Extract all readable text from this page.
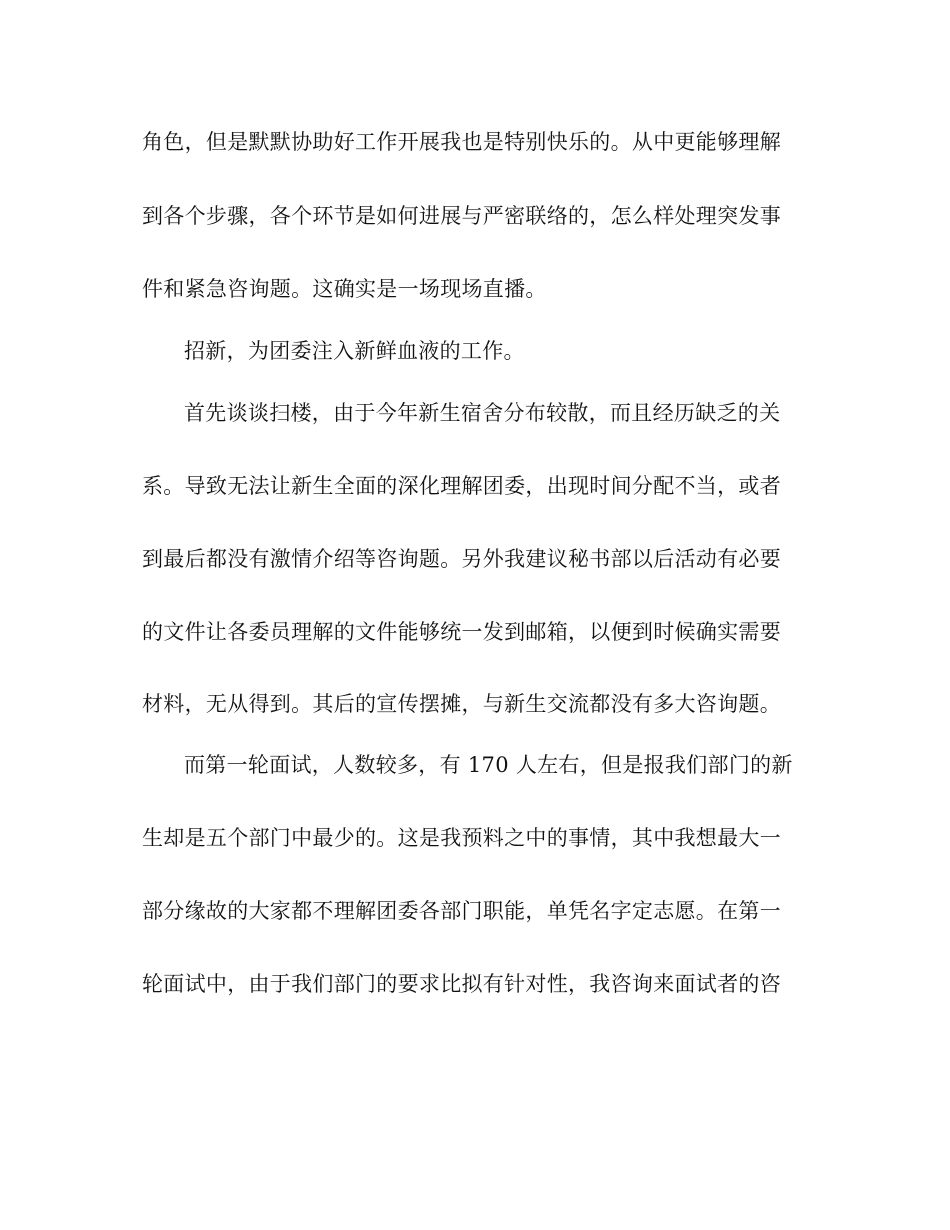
角色，但是默默协助好工作开展我也是特别快乐的。从中更能够理解
到各个步骤，各个环节是如何进展与严密联络的，怎么样处理突发事
件和紧急咨询题。这确实是一场现场直播。
招新，为团委注入新鲜血液的工作。
首先谈谈扫楼，由于今年新生宿舍分布较散，而且经历缺乏的关
系。导致无法让新生全面的深化理解团委，出现时间分配不当，或者
到最后都没有激情介绍等咨询题。另外我建议秘书部以后活动有必要
的文件让各委员理解的文件能够统一发到邮箱，以便到时候确实需要
材料，无从得到。其后的宣传摆摊，与新生交流都没有多大咨询题。
而第一轮面试，人数较多，有 170 人左右，但是报我们部门的新
生却是五个部门中最少的。这是我预料之中的事情，其中我想最大一
部分缘故的大家都不理解团委各部门职能，单凭名字定志愿。在第一
轮面试中，由于我们部门的要求比拟有针对性，我咨询来面试者的咨
